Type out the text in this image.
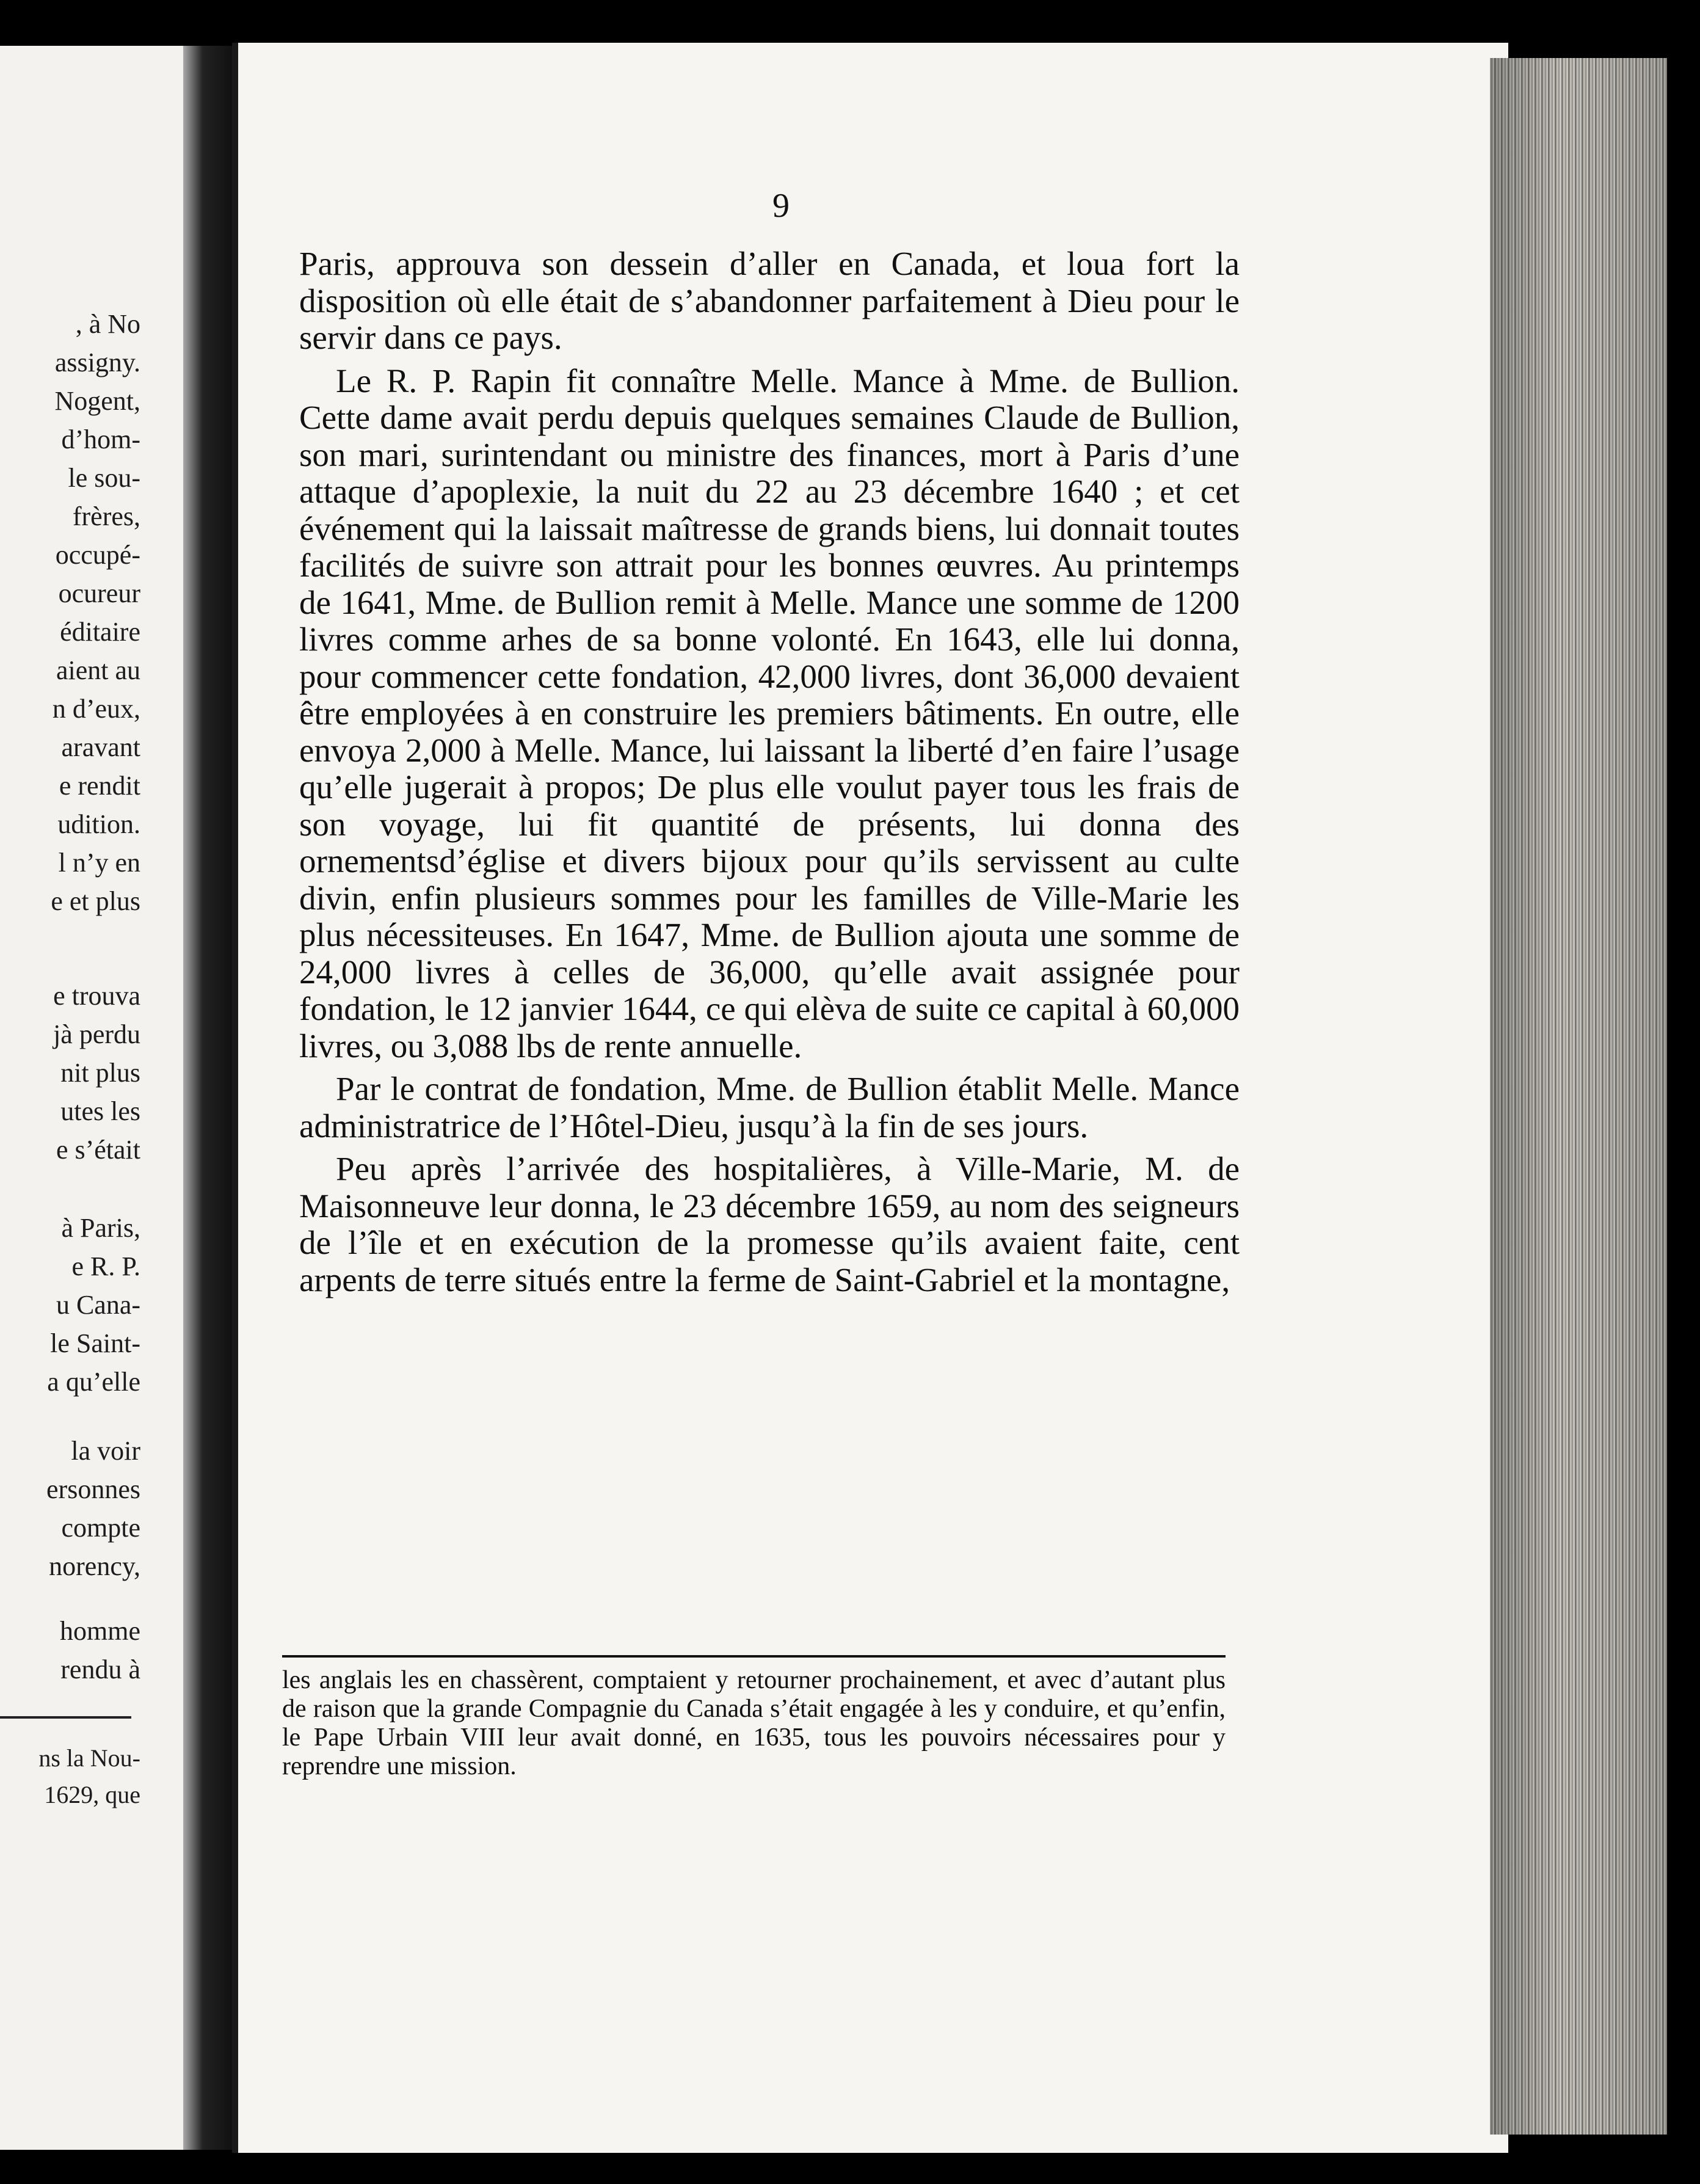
, à No
assigny.
Nogent,
d’hom-
le sou-
frères,
occupé-
ocureur
éditaire
aient au
n d’eux,
aravant
e rendit
udition.
l n’y en
e et plus
e trouva
jà perdu
nit plus
utes les
e s’était
à Paris,
e R. P.
u Cana-
le Saint-
a qu’elle
la voir
ersonnes
compte
norency,
homme
rendu à
ns la Nou-
1629, que
9

Paris, approuva son dessein d’aller en Canada, et loua fort la disposition où elle était de s’abandonner parfaitement à Dieu pour le servir dans ce pays.

Le R. P. Rapin fit connaître Melle. Mance à Mme. de Bullion. Cette dame avait perdu depuis quelques semaines Claude de Bullion, son mari, surintendant ou ministre des finances, mort à Paris d’une attaque d’apoplexie, la nuit du 22 au 23 décembre 1640 ; et cet événement qui la laissait maîtresse de grands biens, lui donnait toutes facilités de suivre son attrait pour les bonnes œuvres. Au printemps de 1641, Mme. de Bullion remit à Melle. Mance une somme de 1200 livres comme arhes de sa bonne volonté. En 1643, elle lui donna, pour commencer cette fondation, 42,000 livres, dont 36,000 devaient être employées à en construire les premiers bâtiments. En outre, elle envoya 2,000 à Melle. Mance, lui laissant la liberté d’en faire l’usage qu’elle jugerait à propos; De plus elle voulut payer tous les frais de son voyage, lui fit quantité de présents, lui donna des ornementsd’église et divers bijoux pour qu’ils servissent au culte divin, enfin plusieurs sommes pour les familles de Ville-Marie les plus nécessiteuses. En 1647, Mme. de Bullion ajouta une somme de 24,000 livres à celles de 36,000, qu’elle avait assignée pour fondation, le 12 janvier 1644, ce qui elèva de suite ce capital à 60,000 livres, ou 3,088 lbs de rente annuelle.

Par le contrat de fondation, Mme. de Bullion établit Melle. Mance administratrice de l’Hôtel-Dieu, jusqu’à la fin de ses jours.

Peu après l’arrivée des hospitalières, à Ville-Marie, M. de Maisonneuve leur donna, le 23 décembre 1659, au nom des seigneurs de l’île et en exécution de la promesse qu’ils avaient faite, cent arpents de terre situés entre la ferme de Saint-Gabriel et la montagne,

les anglais les en chassèrent, comptaient y retourner prochainement, et avec d’autant plus de raison que la grande Compagnie du Canada s’était engagée à les y conduire, et qu’enfin, le Pape Urbain VIII leur avait donné, en 1635, tous les pouvoirs nécessaires pour y reprendre une mission.
